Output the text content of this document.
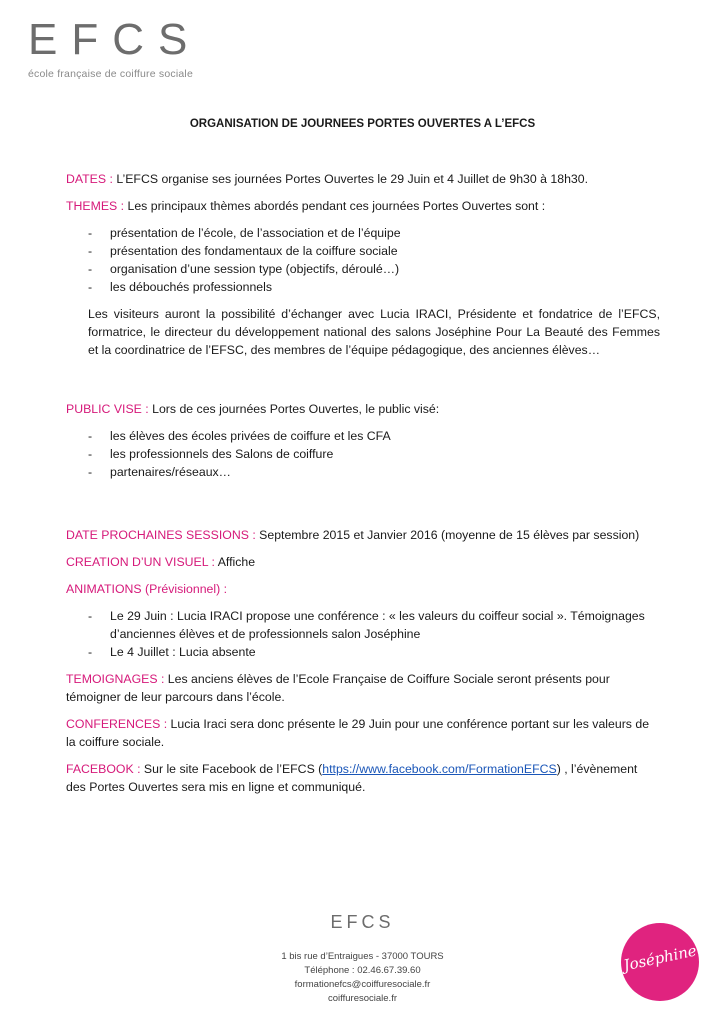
EFCS
école française de coiffure sociale
ORGANISATION DE JOURNEES PORTES OUVERTES A L’EFCS

DATES : L’EFCS organise ses journées Portes Ouvertes le 29 Juin et 4 Juillet de 9h30 à 18h30.

THEMES : Les principaux thèmes abordés pendant ces journées Portes Ouvertes sont :

- présentation de l’école, de l’association et de l’équipe
- présentation des fondamentaux de la coiffure sociale
- organisation d’une session type (objectifs, déroulé…)
- les débouchés professionnels

Les visiteurs auront la possibilité d’échanger avec Lucia IRACI, Présidente et fondatrice de l’EFCS, formatrice, le directeur du développement national des salons Joséphine Pour La Beauté des Femmes et la coordinatrice de l’EFSC, des membres de l’équipe pédagogique, des anciennes élèves…

PUBLIC VISE : Lors de ces journées Portes Ouvertes, le public visé:

- les élèves des écoles privées de coiffure et les CFA
- les professionnels des Salons de coiffure
- partenaires/réseaux…

DATE PROCHAINES SESSIONS : Septembre 2015 et Janvier 2016 (moyenne de 15 élèves par session)

CREATION D’UN VISUEL : Affiche

ANIMATIONS (Prévisionnel) :

- Le 29 Juin : Lucia IRACI propose une conférence : « les valeurs du coiffeur social ». Témoignages d’anciennes élèves et de professionnels salon Joséphine
- Le 4 Juillet : Lucia absente

TEMOIGNAGES : Les anciens élèves de l’Ecole Française de Coiffure Sociale seront présents pour témoigner de leur parcours dans l’école.

CONFERENCES : Lucia Iraci sera donc présente le 29 Juin pour une conférence portant sur les valeurs de la coiffure sociale.

FACEBOOK : Sur le site Facebook de l’EFCS (https://www.facebook.com/FormationEFCS) , l’évènement des Portes Ouvertes sera mis en ligne et communiqué.

EFCS
1 bis rue d’Entraigues - 37000 TOURS
Téléphone : 02.46.67.39.60
formationefcs@coiffuresociale.fr
coiffuresociale.fr
Joséphine
